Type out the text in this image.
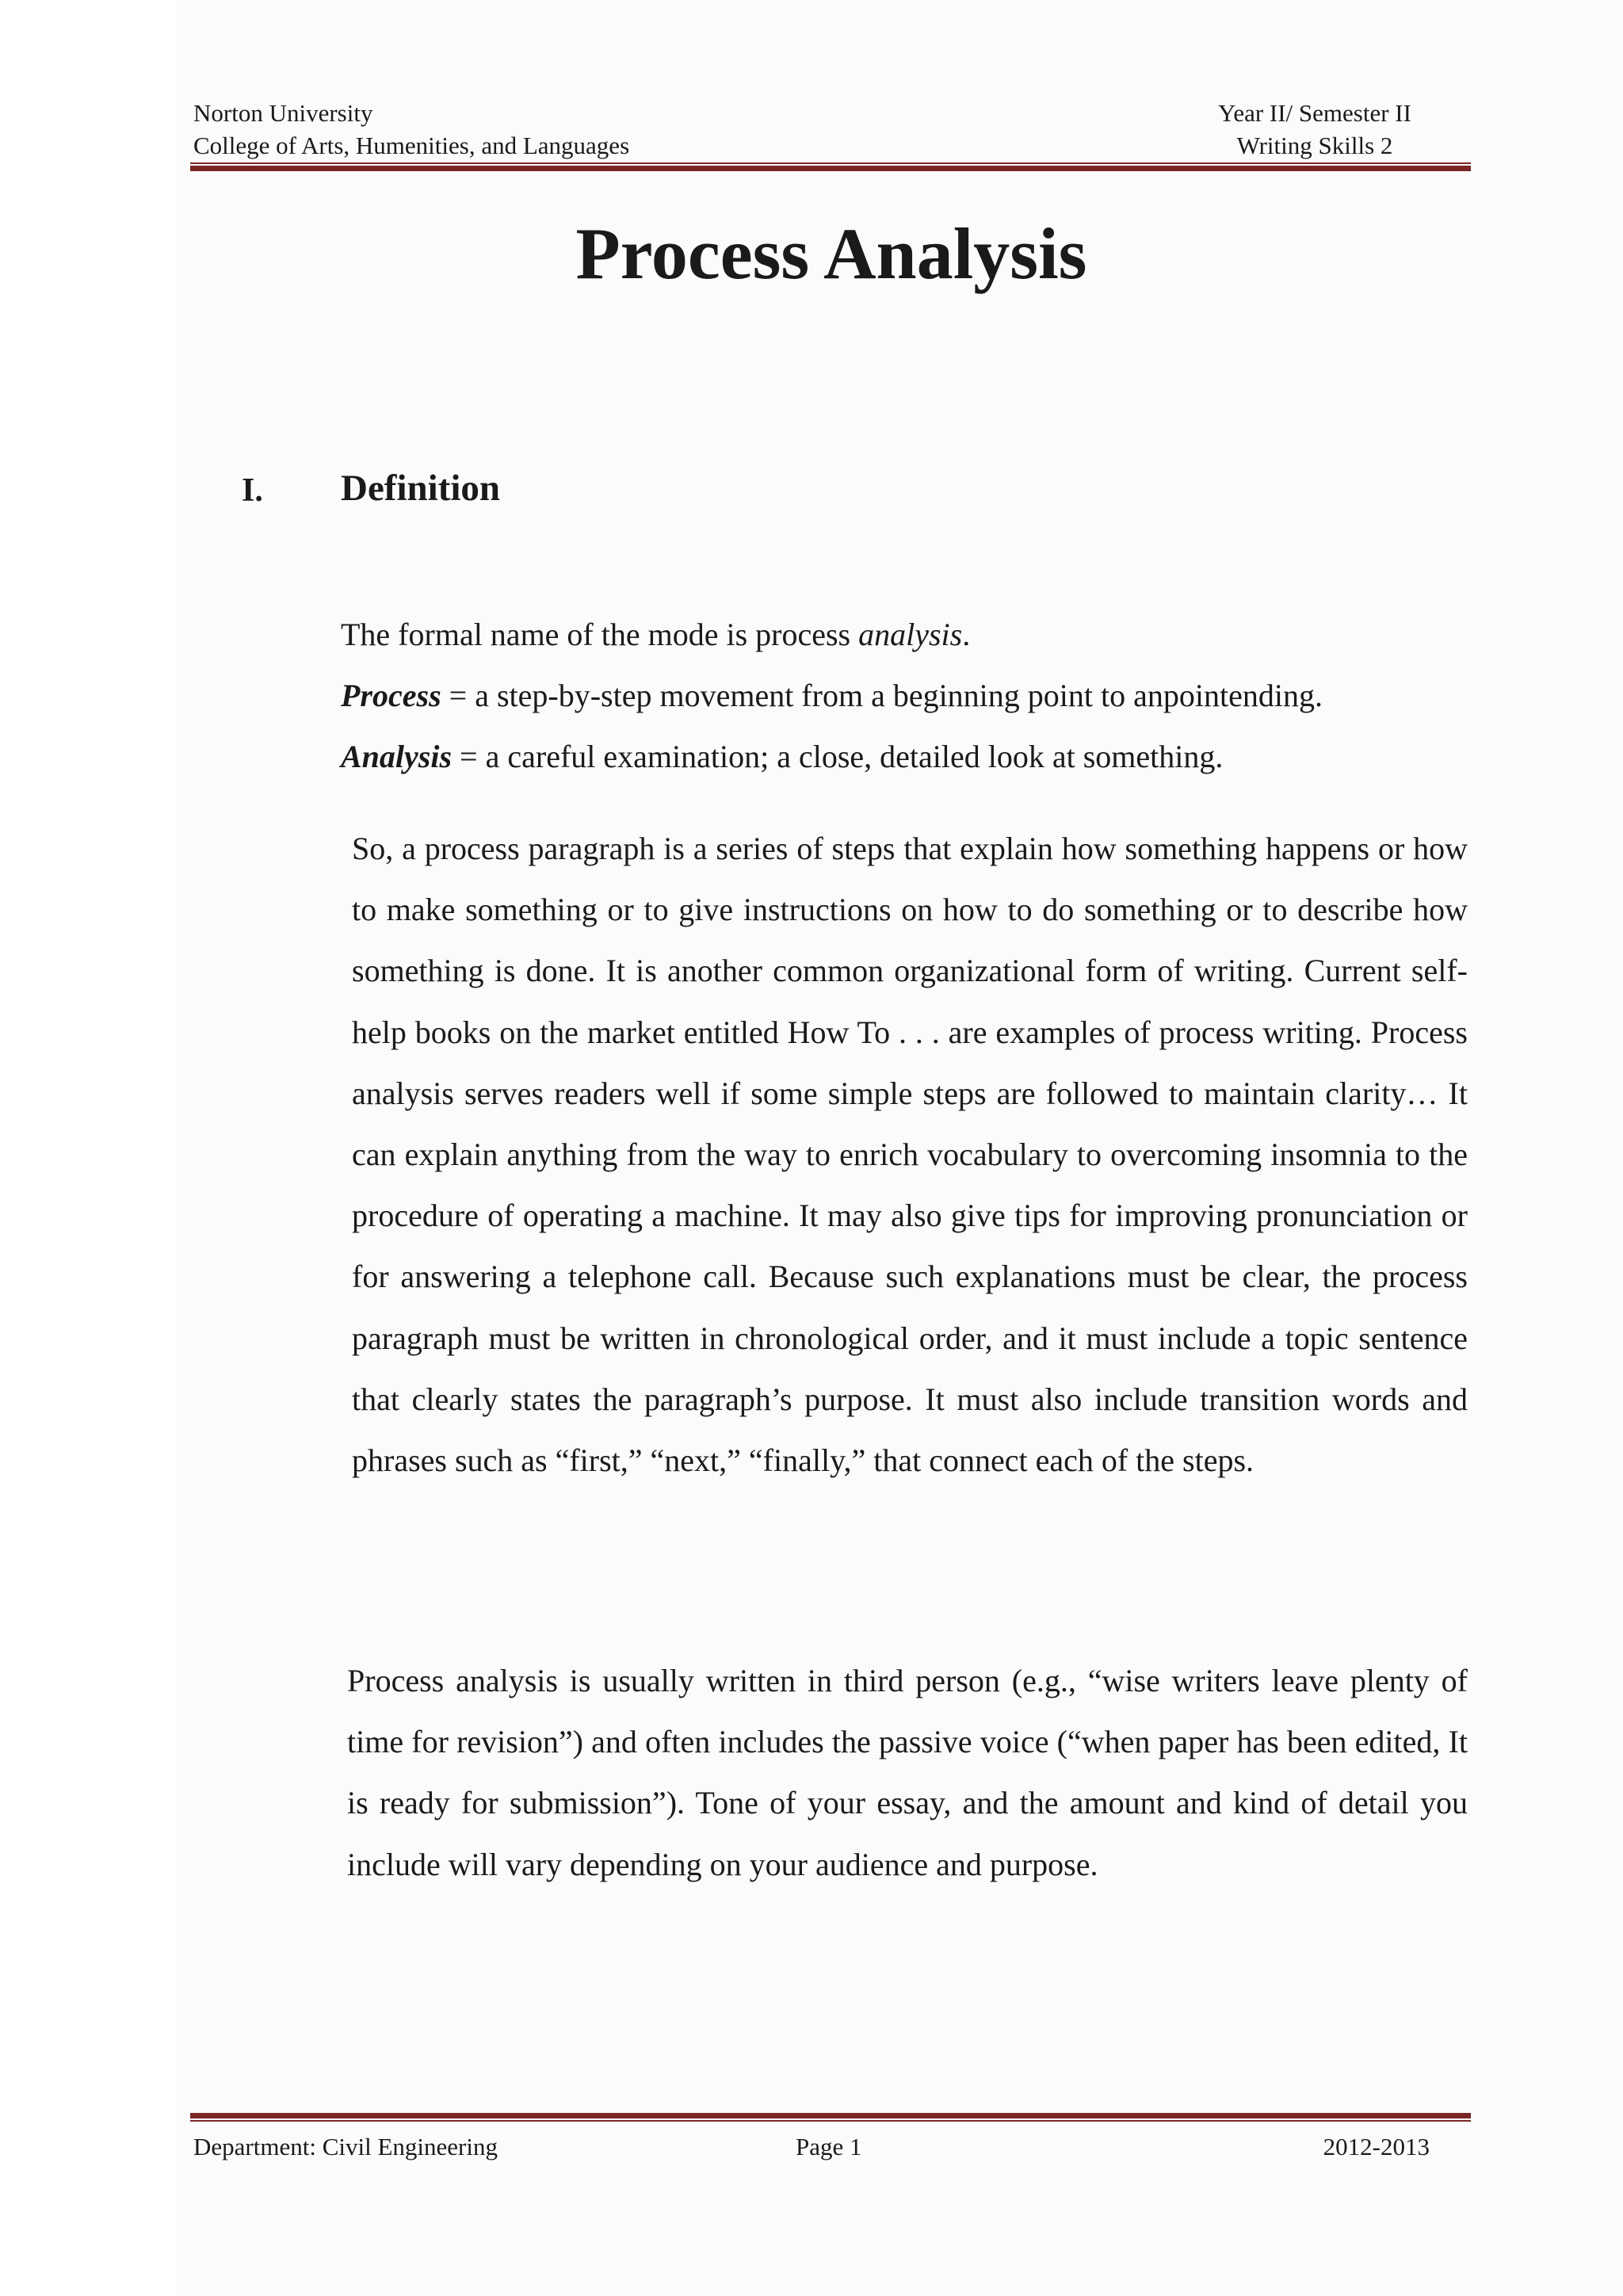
Norton University	Year II/ Semester II
College of Arts, Humenities, and Languages	Writing Skills 2
Process Analysis
I. Definition

The formal name of the mode is process analysis.

Process = a step-by-step movement from a beginning point to anpointending.

Analysis = a careful examination; a close, detailed look at something.

So, a process paragraph is a series of steps that explain how something happens or how to make something or to give instructions on how to do something or to describe how something is done. It is another common organizational form of writing. Current self-help books on the market entitled How To . . . are examples of process writing. Process analysis serves readers well if some simple steps are followed to maintain clarity… It can explain anything from the way to enrich vocabulary to overcoming insomnia to the procedure of operating a machine. It may also give tips for improving pronunciation or for answering a telephone call. Because such explanations must be clear, the process paragraph must be written in chronological order, and it must include a topic sentence that clearly states the paragraph’s purpose. It must also include transition words and phrases such as “first,” “next,” “finally,” that connect each of the steps.

Process analysis is usually written in third person (e.g., “wise writers leave plenty of time for revision”) and often includes the passive voice (“when paper has been edited, It is ready for submission”). Tone of your essay, and the amount and kind of detail you include will vary depending on your audience and purpose.

Department: Civil Engineering	Page 1	2012-2013
